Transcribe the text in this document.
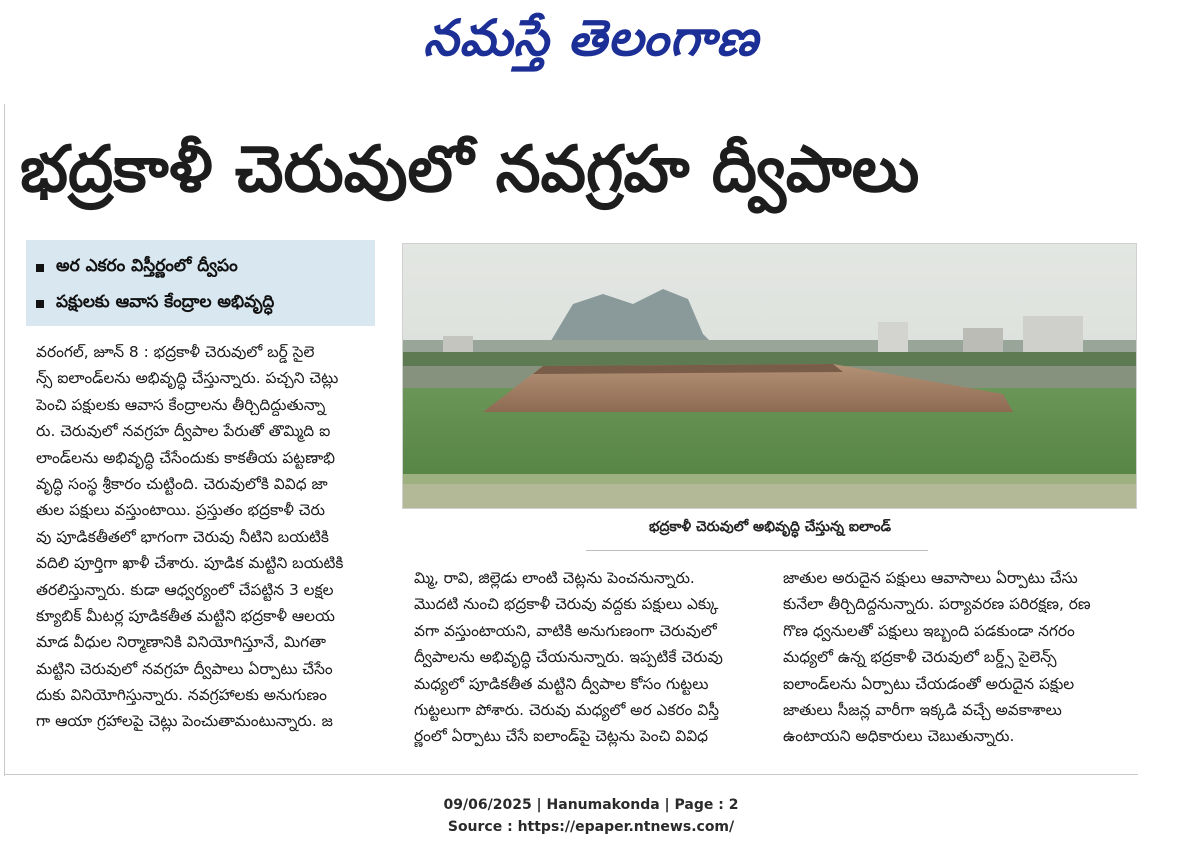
నమస్తే తెలంగాణ
భద్రకాళీ చెరువులో నవగ్రహ ద్వీపాలు
అర ఎకరం విస్తీర్ణంలో ద్వీపం
పక్షులకు ఆవాస కేంద్రాల అభివృద్ధి
భద్రకాళీ చెరువులో అభివృద్ధి చేస్తున్న ఐలాండ్

వరంగల్, జూన్ 8 : భద్రకాళీ చెరువులో బర్డ్ సైలె

న్స్ ఐలాండ్‌లను అభివృద్ధి చేస్తున్నారు. పచ్చని చెట్లు

పెంచి పక్షులకు ఆవాస కేంద్రాలను తీర్చిదిద్దుతున్నా

రు. చెరువులో నవగ్రహ ద్వీపాల పేరుతో తొమ్మిది ఐ

లాండ్‌లను అభివృద్ధి చేసేందుకు కాకతీయ పట్టణాభి

వృద్ధి సంస్థ శ్రీకారం చుట్టింది. చెరువులోకి వివిధ జా

తుల పక్షులు వస్తుంటాయి. ప్రస్తుతం భద్రకాళీ చెరు

వు పూడికతీతలో భాగంగా చెరువు నీటిని బయటికి

వదిలి పూర్తిగా ఖాళీ చేశారు. పూడిక మట్టిని బయటికి

తరలిస్తున్నారు. కుడా ఆధ్వర్యంలో చేపట్టిన 3 లక్షల

క్యూబిక్ మీటర్ల పూడికతీత మట్టిని భద్రకాళీ ఆలయ

మాడ వీధుల నిర్మాణానికి వినియోగిస్తూనే, మిగతా

మట్టిని చెరువులో నవగ్రహ ద్వీపాలు ఏర్పాటు చేసేం

దుకు వినియోగిస్తున్నారు. నవగ్రహాలకు అనుగుణం

గా ఆయా గ్రహాలపై చెట్లు పెంచుతామంటున్నారు. జ

మ్మి, రావి, జిల్లెడు లాంటి చెట్లను పెంచనున్నారు.

మొదటి నుంచి భద్రకాళీ చెరువు వద్దకు పక్షులు ఎక్కు

వగా వస్తుంటాయని, వాటికి అనుగుణంగా చెరువులో

ద్వీపాలను అభివృద్ధి చేయనున్నారు. ఇప్పటికే చెరువు

మధ్యలో పూడికతీత మట్టిని ద్వీపాల కోసం గుట్టలు

గుట్టలుగా పోశారు. చెరువు మధ్యలో అర ఎకరం విస్తీ

ర్ణంలో ఏర్పాటు చేసే ఐలాండ్‌పై చెట్లను పెంచి వివిధ

జాతుల అరుదైన పక్షులు ఆవాసాలు ఏర్పాటు చేసు

కునేలా తీర్చిదిద్దనున్నారు. పర్యావరణ పరిరక్షణ, రణ

గొణ ధ్వనులతో పక్షులు ఇబ్బంది పడకుండా నగరం

మధ్యలో ఉన్న భద్రకాళీ చెరువులో బర్డ్స్ సైలెన్స్

ఐలాండ్‌లను ఏర్పాటు చేయడంతో అరుదైన పక్షుల

జాతులు సీజన్ల వారీగా ఇక్కడి వచ్చే అవకాశాలు

ఉంటాయని అధికారులు చెబుతున్నారు.

09/06/2025 | Hanumakonda | Page : 2
Source : https://epaper.ntnews.com/
